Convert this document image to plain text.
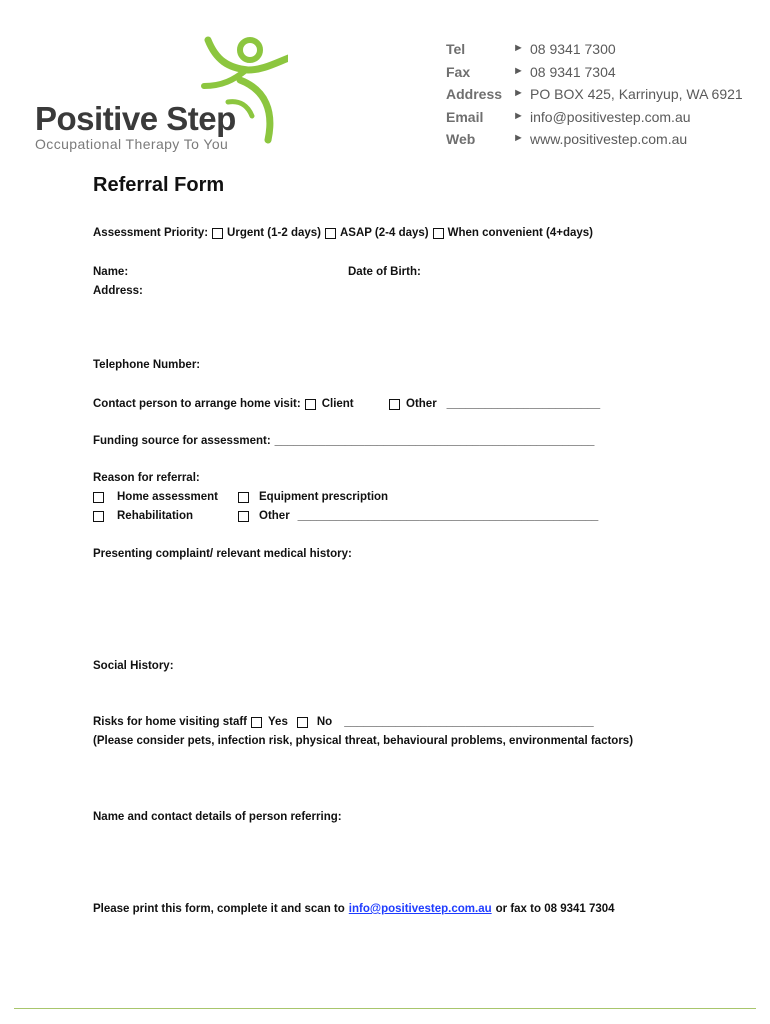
Positive Step
Occupational Therapy To You
Tel	► 08 9341 7300
Fax	► 08 9341 7304
Address ► PO BOX 425, Karrinyup, WA 6921
Email	► info@positivestep.com.au
Web	► www.positivestep.com.au
Referral Form
Assessment Priority: Urgent (1-2 days) ASAP (2-4 days) When convenient (4+days)
Name:	Date of Birth:
Address:
Telephone Number:
Contact person to arrange home visit: Client	Other ________________________
Funding source for assessment: __________________________________________________
Reason for referral:
Home assessment	Equipment prescription
Rehabilitation	Other _______________________________________________
Presenting complaint/ relevant medical history:
Social History:
Risks for home visiting staff Yes	No _______________________________________
(Please consider pets, infection risk, physical threat, behavioural problems, environmental factors)
Name and contact details of person referring:
Please print this form, complete it and scan to info@positivestep.com.au or fax to 08 9341 7304
